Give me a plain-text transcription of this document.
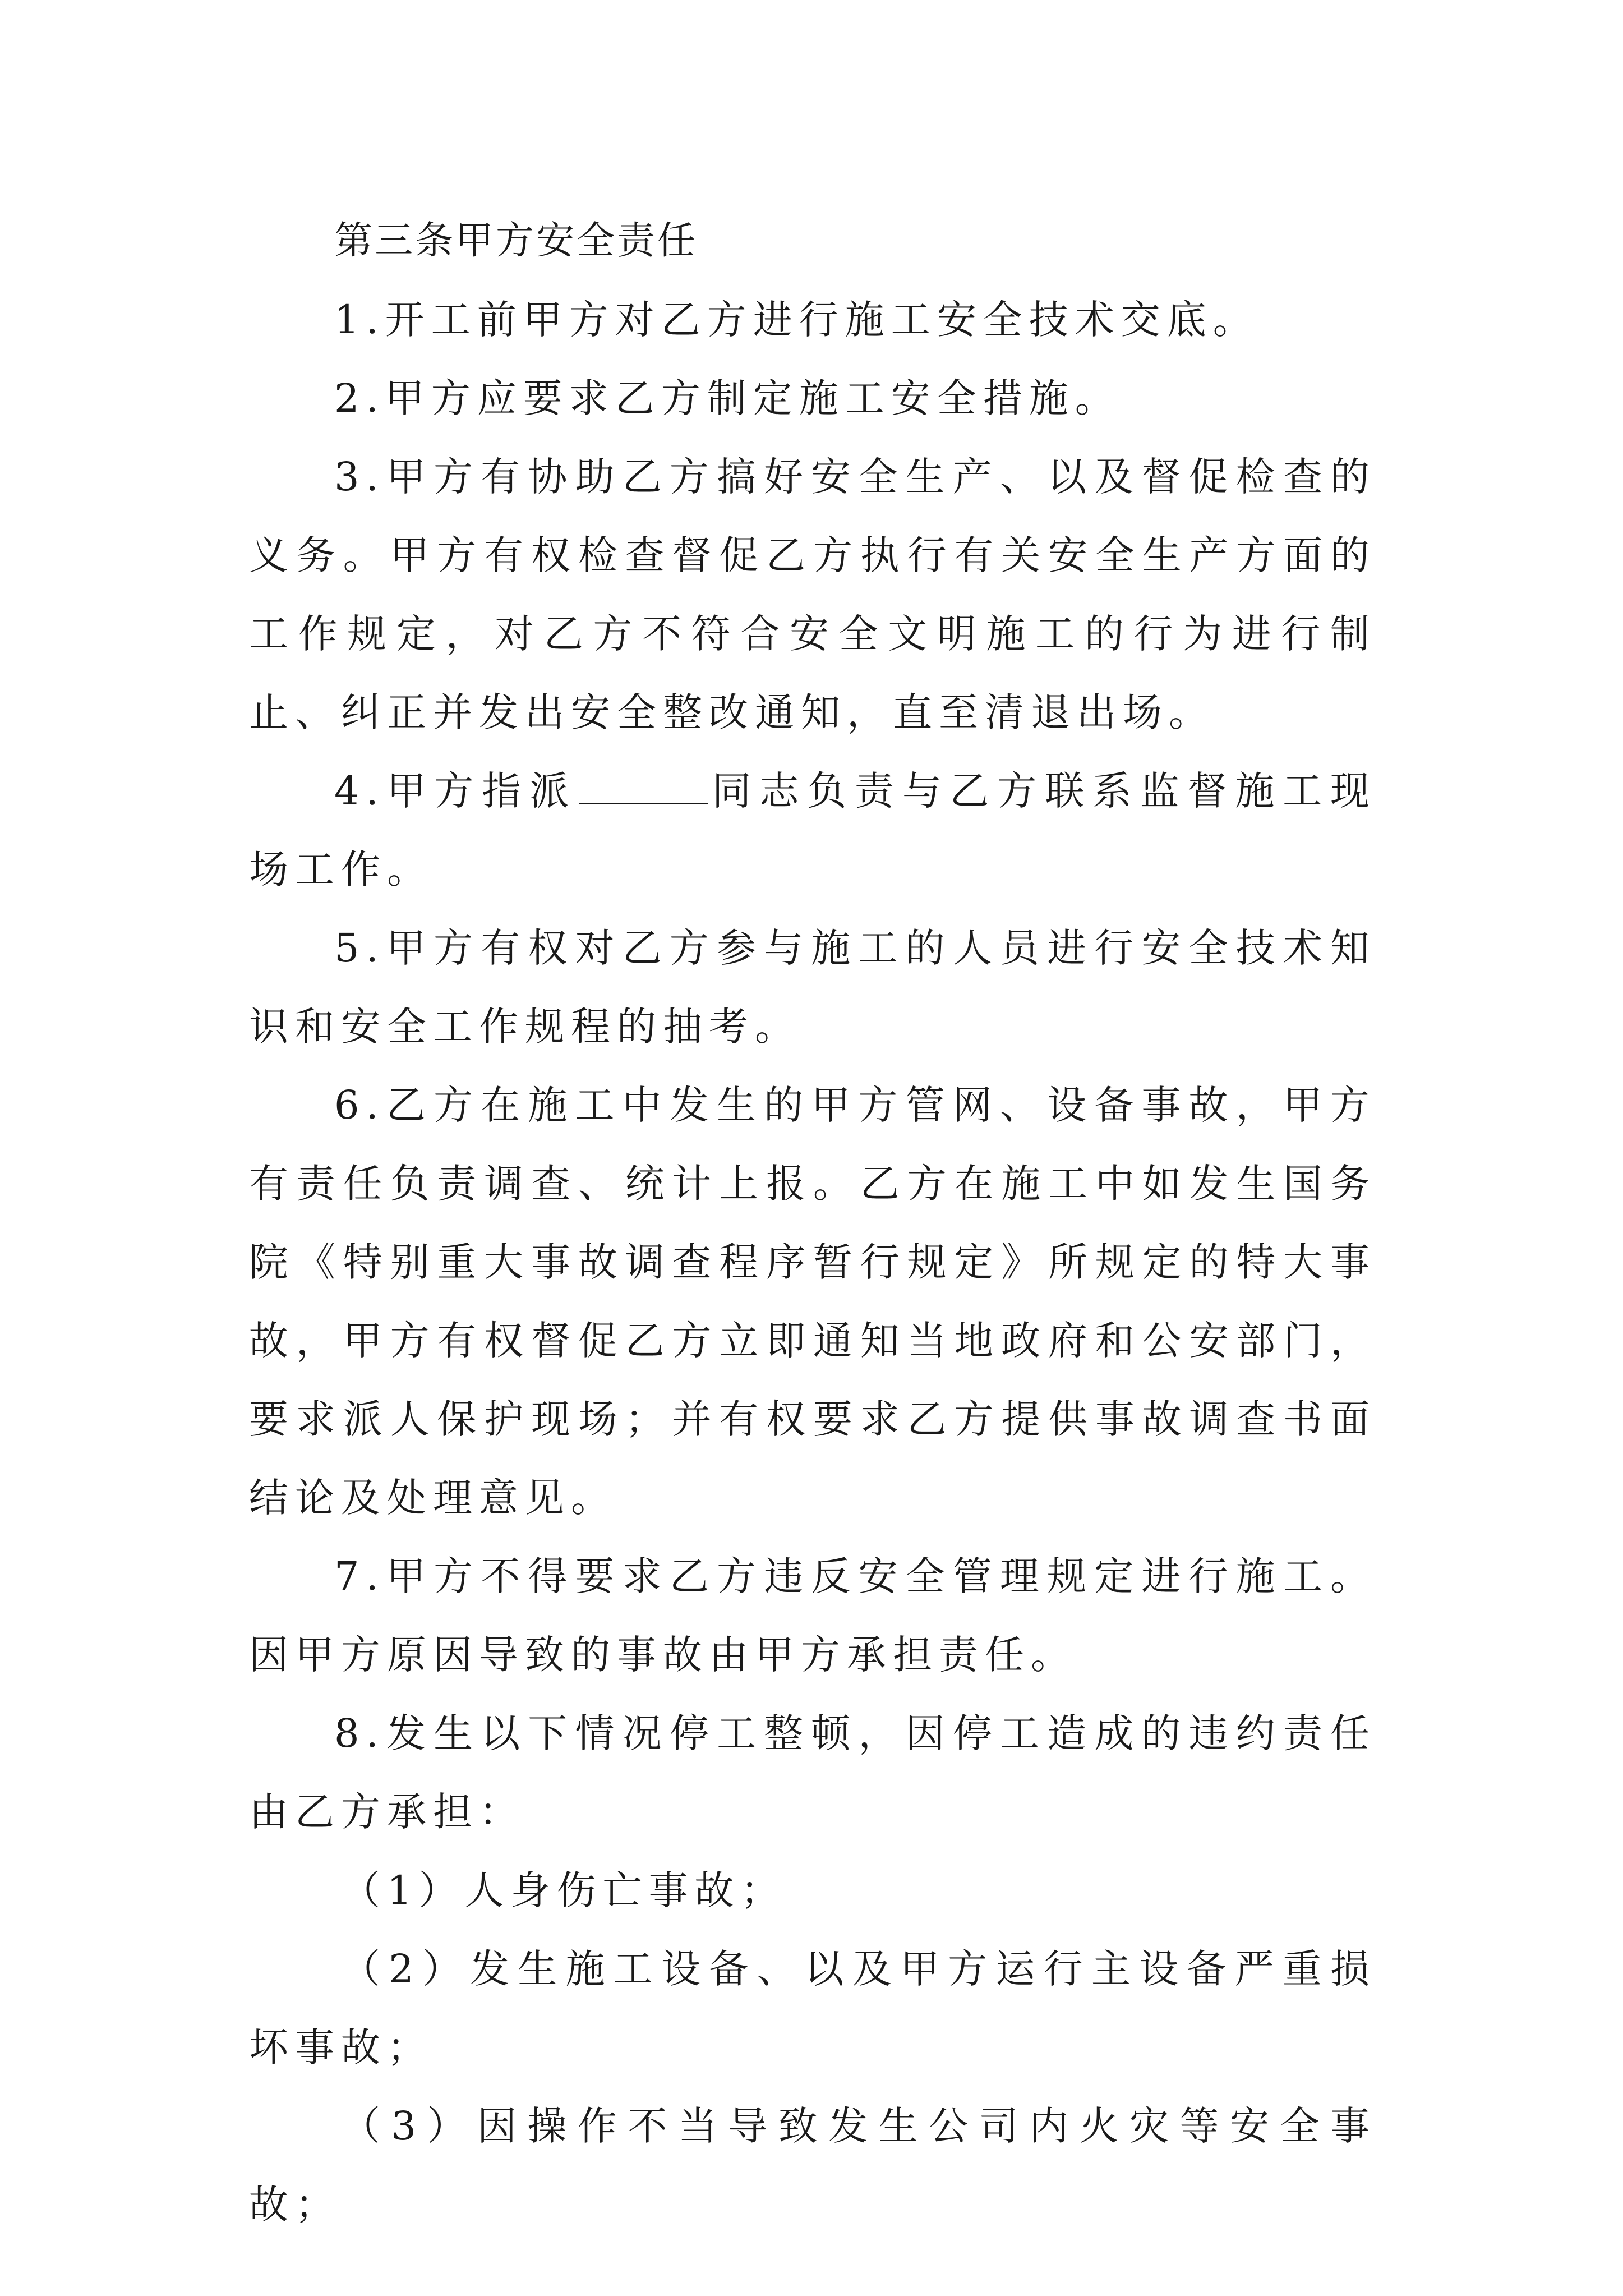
第三条甲方安全责任

1.开工前甲方对乙方进行施工安全技术交底。

2.甲方应要求乙方制定施工安全措施。

3.甲方有协助乙方搞好安全生产、以及督促检查的义务。甲方有权检查督促乙方执行有关安全生产方面的工作规定，对乙方不符合安全文明施工的行为进行制止、纠正并发出安全整改通知，直至清退出场。

4.甲方指派	同志负责与乙方联系监督施工现场工作。

5.甲方有权对乙方参与施工的人员进行安全技术知识和安全工作规程的抽考。

6.乙方在施工中发生的甲方管网、设备事故，甲方有责任负责调查、统计上报。乙方在施工中如发生国务院《特别重大事故调查程序暂行规定》所规定的特大事故，甲方有权督促乙方立即通知当地政府和公安部门，要求派人保护现场；并有权要求乙方提供事故调查书面结论及处理意见。

7.甲方不得要求乙方违反安全管理规定进行施工。因甲方原因导致的事故由甲方承担责任。

8.发生以下情况停工整顿，因停工造成的违约责任由乙方承担：

（1）人身伤亡事故；

（2）发生施工设备、以及甲方运行主设备严重损坏事故；

（3）因操作不当导致发生公司内火灾等安全事故；
